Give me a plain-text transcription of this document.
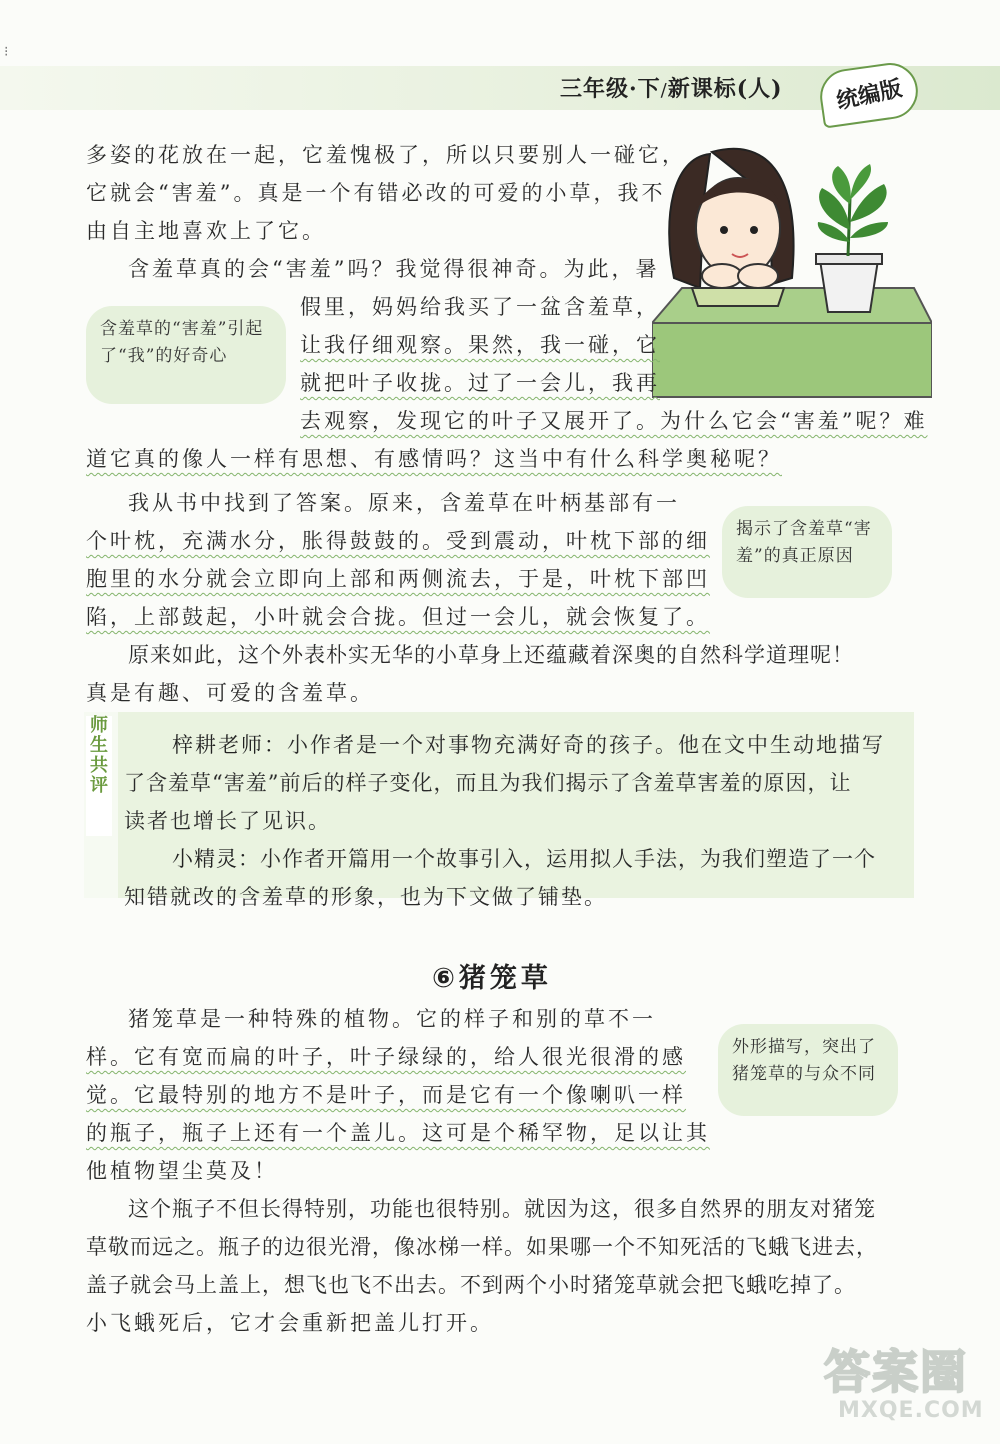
三年级·下/新课标(人) 统编版
⁝

多姿的花放在一起，它羞愧极了，所以只要别人一碰它，

它就会“害羞”。真是一个有错必改的可爱的小草，我不

由自主地喜欢上了它。

含羞草真的会“害羞”吗？我觉得很神奇。为此，暑

含羞草的“害羞”引起了“我”的好奇心

假里，妈妈给我买了一盆含羞草，

让我仔细观察。果然，我一碰，它

就把叶子收拢。过了一会儿，我再

去观察，发现它的叶子又展开了。为什么它会“害羞”呢？难

道它真的像人一样有思想、有感情吗？这当中有什么科学奥秘呢？

我从书中找到了答案。原来，含羞草在叶柄基部有一

个叶枕，充满水分，胀得鼓鼓的。受到震动，叶枕下部的细

胞里的水分就会立即向上部和两侧流去，于是，叶枕下部凹

陷，上部鼓起，小叶就会合拢。但过一会儿，就会恢复了。

揭示了含羞草“害羞”的真正原因

原来如此，这个外表朴实无华的小草身上还蕴藏着深奥的自然科学道理呢！

真是有趣、可爱的含羞草。

师生共评
梓耕老师：小作者是一个对事物充满好奇的孩子。他在文中生动地描写
了含羞草“害羞”前后的样子变化，而且为我们揭示了含羞草害羞的原因，让
读者也增长了见识。
小精灵：小作者开篇用一个故事引入，运用拟人手法，为我们塑造了一个
知错就改的含羞草的形象，也为下文做了铺垫。
⑥猪笼草

猪笼草是一种特殊的植物。它的样子和别的草不一

样。它有宽而扁的叶子，叶子绿绿的，给人很光很滑的感

觉。它最特别的地方不是叶子，而是它有一个像喇叭一样

的瓶子，瓶子上还有一个盖儿。这可是个稀罕物，足以让其

他植物望尘莫及！

外形描写，突出了猪笼草的与众不同

这个瓶子不但长得特别，功能也很特别。就因为这，很多自然界的朋友对猪笼

草敬而远之。瓶子的边很光滑，像冰梯一样。如果哪一个不知死活的飞蛾飞进去，

盖子就会马上盖上，想飞也飞不出去。不到两个小时猪笼草就会把飞蛾吃掉了。

小飞蛾死后，它才会重新把盖儿打开。

答案圈
MXQE.COM
